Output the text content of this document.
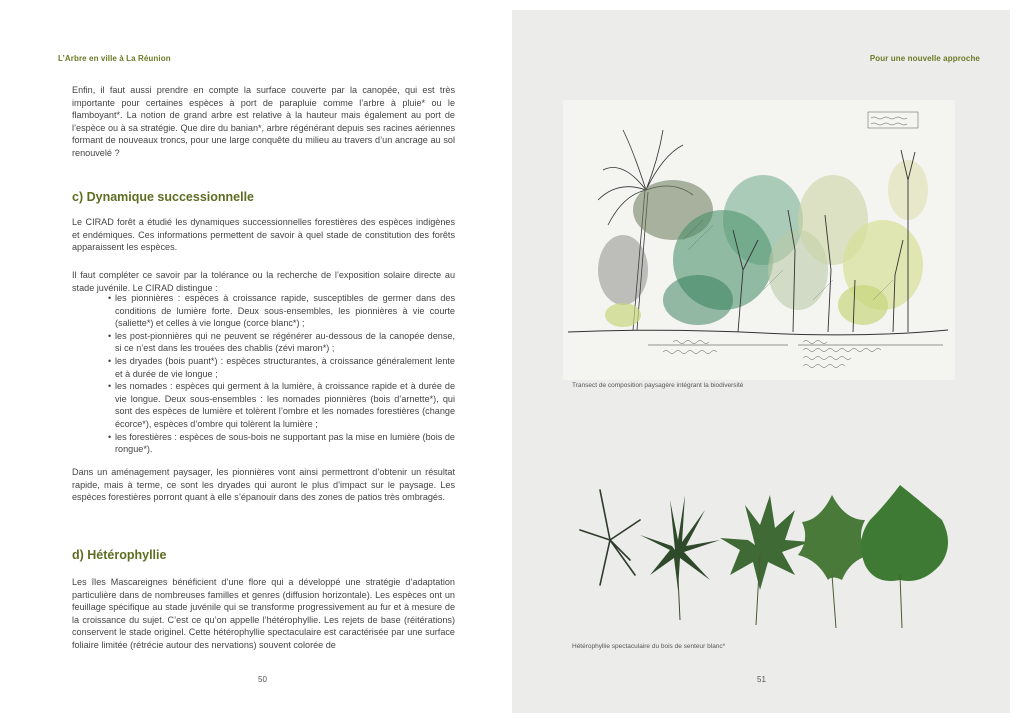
L’Arbre en ville à La Réunion
Enfin, il faut aussi prendre en compte la surface couverte par la canopée, qui est très importante pour certaines espèces à port de parapluie comme l’arbre à pluie* ou le flamboyant*. La notion de grand arbre est relative à la hauteur mais également au port de l’espèce ou à sa stratégie. Que dire du banian*, arbre régénérant depuis ses racines aériennes formant de nouveaux troncs, pour une large conquête du milieu au travers d’un ancrage au sol renouvelé ?
c) Dynamique successionnelle
Le CIRAD forêt a étudié les dynamiques successionnelles forestières des espèces indigènes et endémiques. Ces informations permettent de savoir à quel stade de constitution des forêts apparaissent les espèces.
Il faut compléter ce savoir par la tolérance ou la recherche de l’exposition solaire directe au stade juvénile. Le CIRAD distingue :
• les pionnières : espèces à croissance rapide, susceptibles de germer dans des conditions de lumière forte. Deux sous-ensembles, les pionnières à vie courte (saliette*) et celles à vie longue (corce blanc*) ;
• les post-pionnières qui ne peuvent se régénérer au-dessous de la canopée dense, si ce n’est dans les trouées des chablis (zévi maron*) ;
• les dryades (bois puant*) : espèces structurantes, à croissance généralement lente et à durée de vie longue ;
• les nomades : espèces qui germent à la lumière, à croissance rapide et à durée de vie longue. Deux sous-ensembles : les nomades pionnières (bois d’arnette*), qui sont des espèces de lumière et tolèrent l’ombre et les nomades forestières (change écorce*), espèces d’ombre qui tolèrent la lumière ;
• les forestières : espèces de sous-bois ne supportant pas la mise en lumière (bois de rongue*).
Dans un aménagement paysager, les pionnières vont ainsi permettront d’obtenir un résultat rapide, mais à terme, ce sont les dryades qui auront le plus d’impact sur le paysage. Les espèces forestières porront quant à elle s’épanouir dans des zones de patios très ombragés.
d) Hétérophyllie
Les îles Mascareignes bénéficient d’une flore qui a développé une stratégie d’adaptation particulière dans de nombreuses familles et genres (diffusion horizontale). Les espèces ont un feuillage spécifique au stade juvénile qui se transforme progressivement au fur et à mesure de la croissance du sujet. C’est ce qu’on appelle l’hétérophyllie. Les rejets de base (réitérations) conservent le stade originel. Cette hétérophyllie spectaculaire est caractérisée par une surface foliaire limitée (rétrécie autour des nervations) souvent colorée de
50
Pour une nouvelle approche
Transect de composition paysagère intégrant la biodiversité
Hétérophyllie spectaculaire du bois de senteur blanc*
51
